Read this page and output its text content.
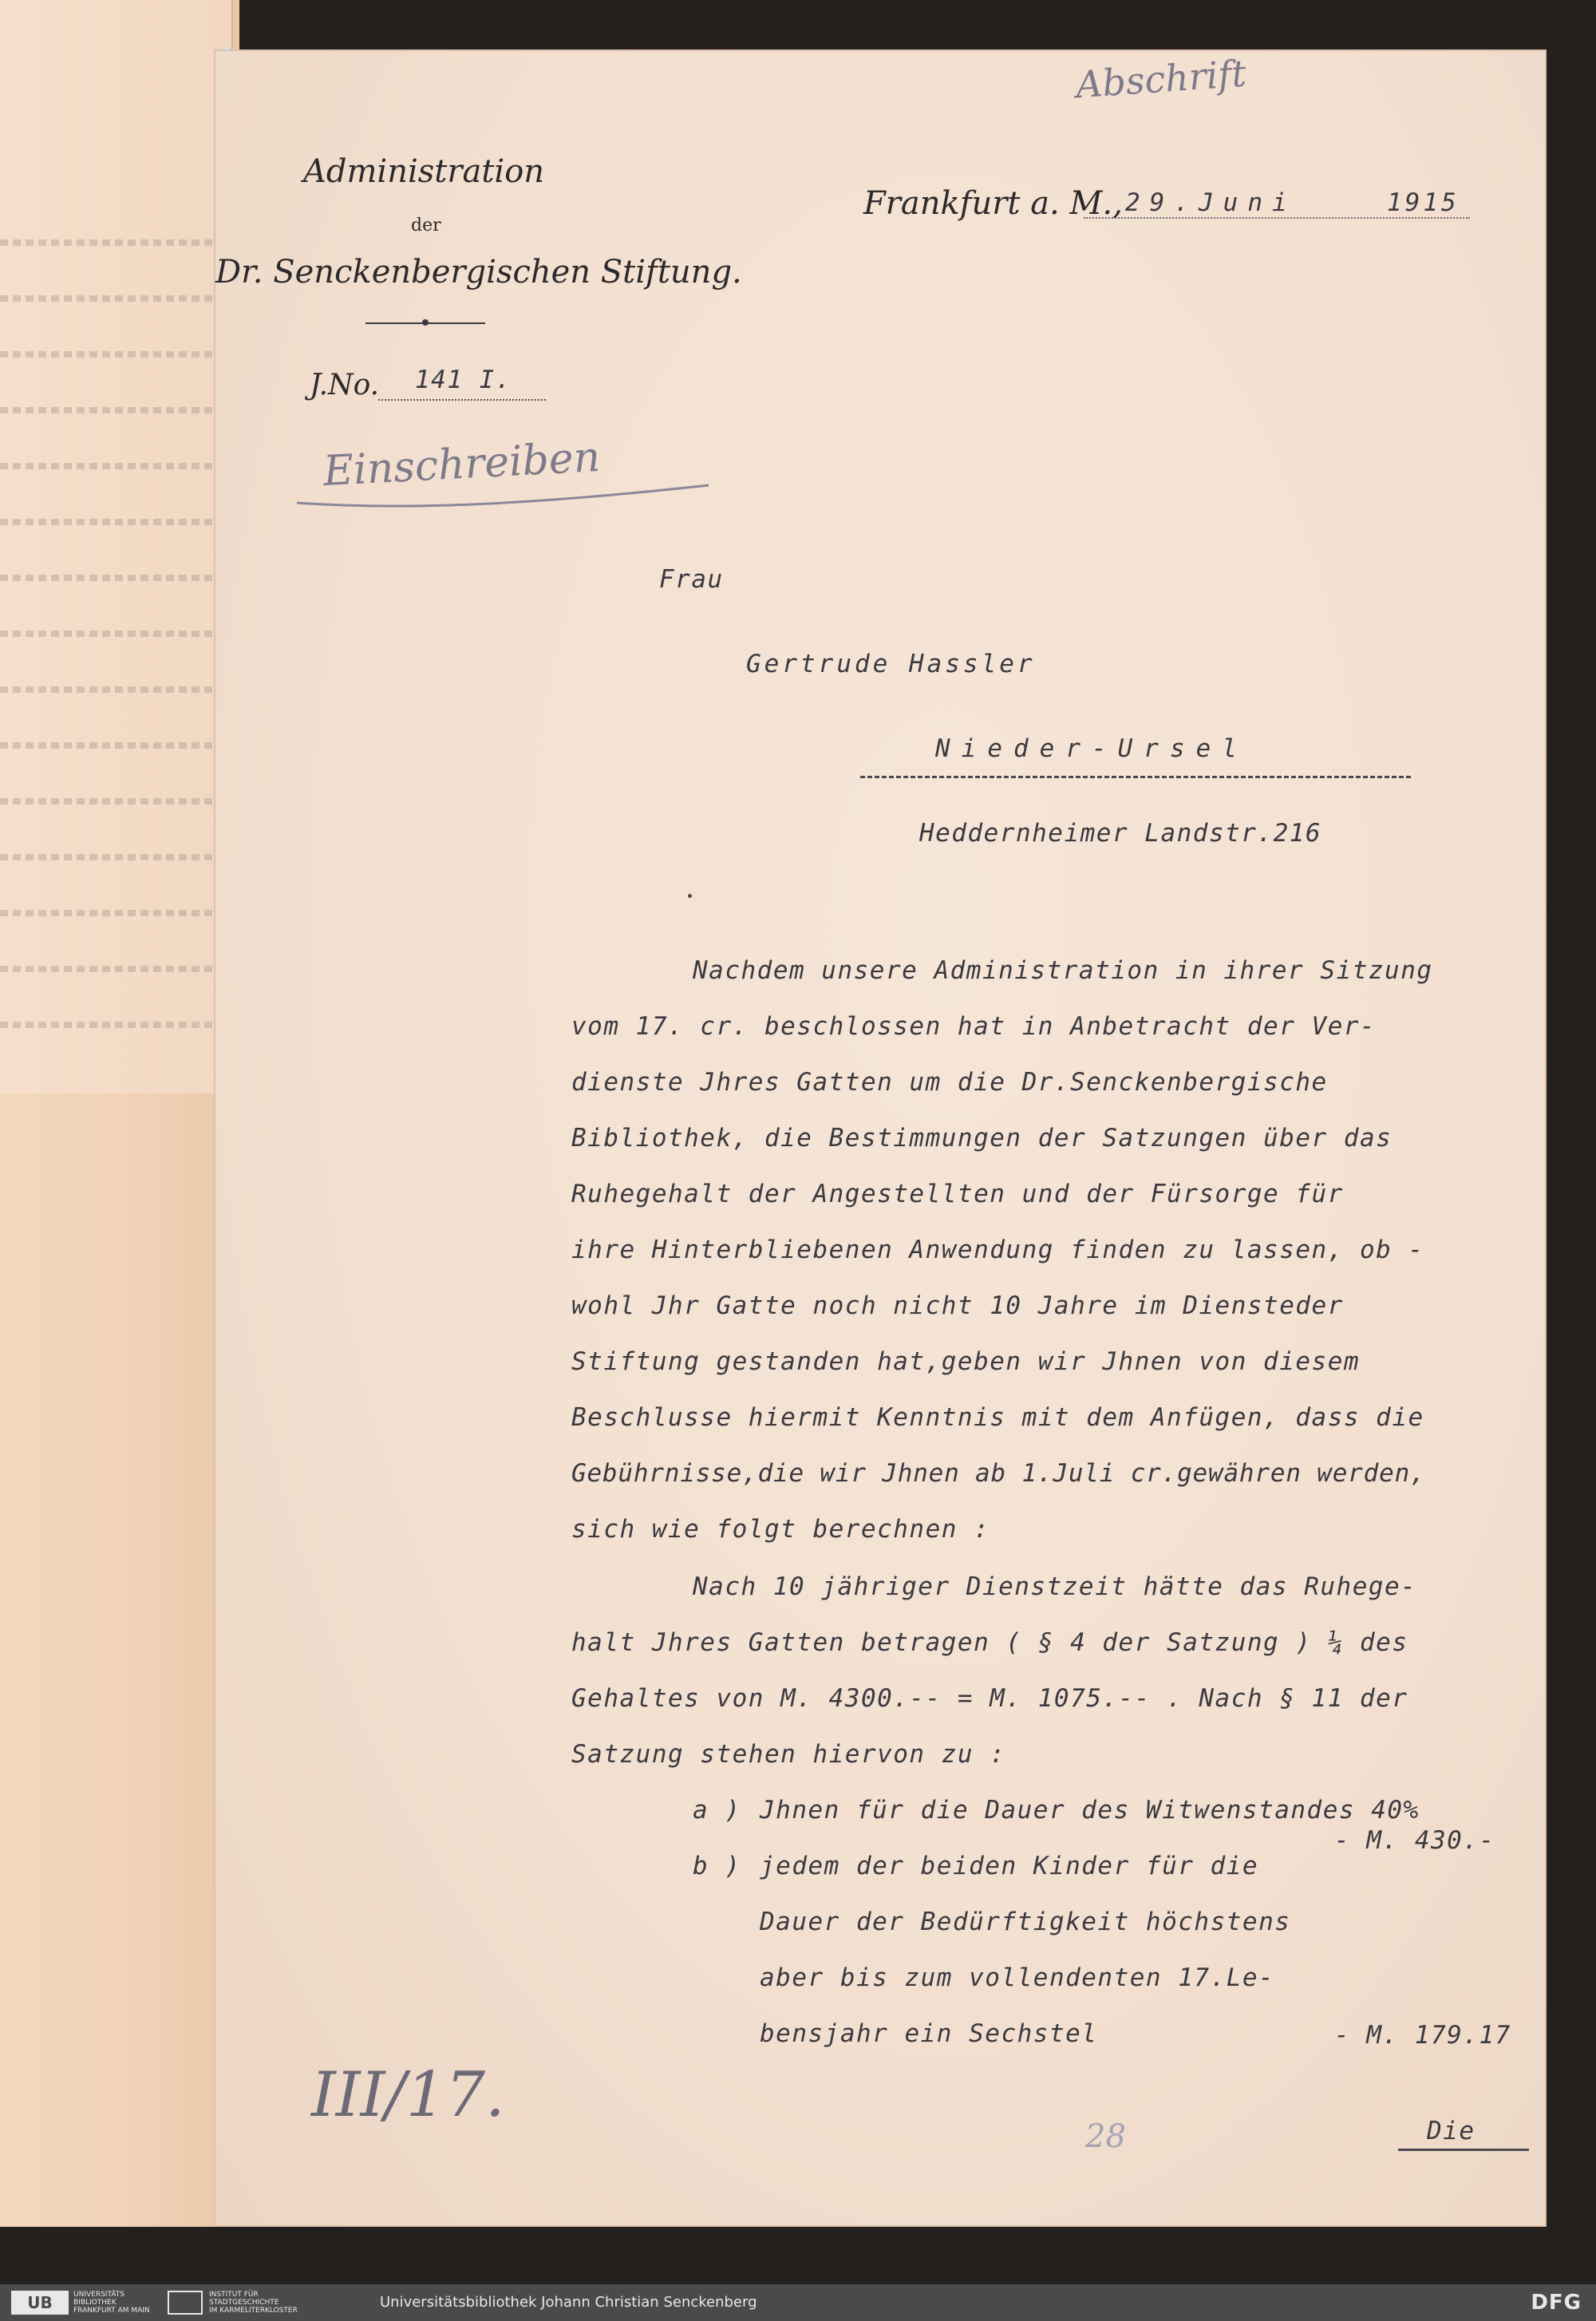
Administration
der
Dr. Senckenbergischen Stiftung.
J.No. 141 I.
Frankfurt a. M., 29.Juni	1915
Abschrift
Einschreiben
Frau
Gertrude Hassler
Nieder-Ursel
Heddernheimer Landstr.216
Nachdem unsere Administration in ihrer Sitzung
vom 17. cr. beschlossen hat in Anbetracht der Ver-
dienste Jhres Gatten um die Dr.Senckenbergische
Bibliothek, die Bestimmungen der Satzungen über das
Ruhegehalt der Angestellten und der Fürsorge für
ihre Hinterbliebenen Anwendung finden zu lassen, ob -
wohl Jhr Gatte noch nicht 10 Jahre im Diensteder
Stiftung gestanden hat,geben wir Jhnen von diesem
Beschlusse hiermit Kenntnis mit dem Anfügen, dass die
Gebührnisse,die wir Jhnen ab 1.Juli cr.gewähren werden,
sich wie folgt berechnen :
Nach 10 jähriger Dienstzeit hätte das Ruhege-
halt Jhres Gatten betragen ( § 4 der Satzung ) ¼ des
Gehaltes von M. 4300.-- = M. 1075.-- . Nach § 11 der
Satzung stehen hiervon zu :
a ) Jhnen für die Dauer des Witwenstandes 40%
- M. 430.-
b ) jedem der beiden Kinder für die
Dauer der Bedürftigkeit höchstens
aber bis zum vollendenten 17.Le-
bensjahr ein Sechstel	- M. 179.17
III/17.
28	Die
UB	UNIVERSITÄTS
BIBLIOTHEK
FRANKFURT AM MAIN
INSTITUT FÜR
STADTGESCHICHTE
IM KARMELITERKLOSTER	Universitätsbibliothek Johann Christian Senckenberg	DFG
